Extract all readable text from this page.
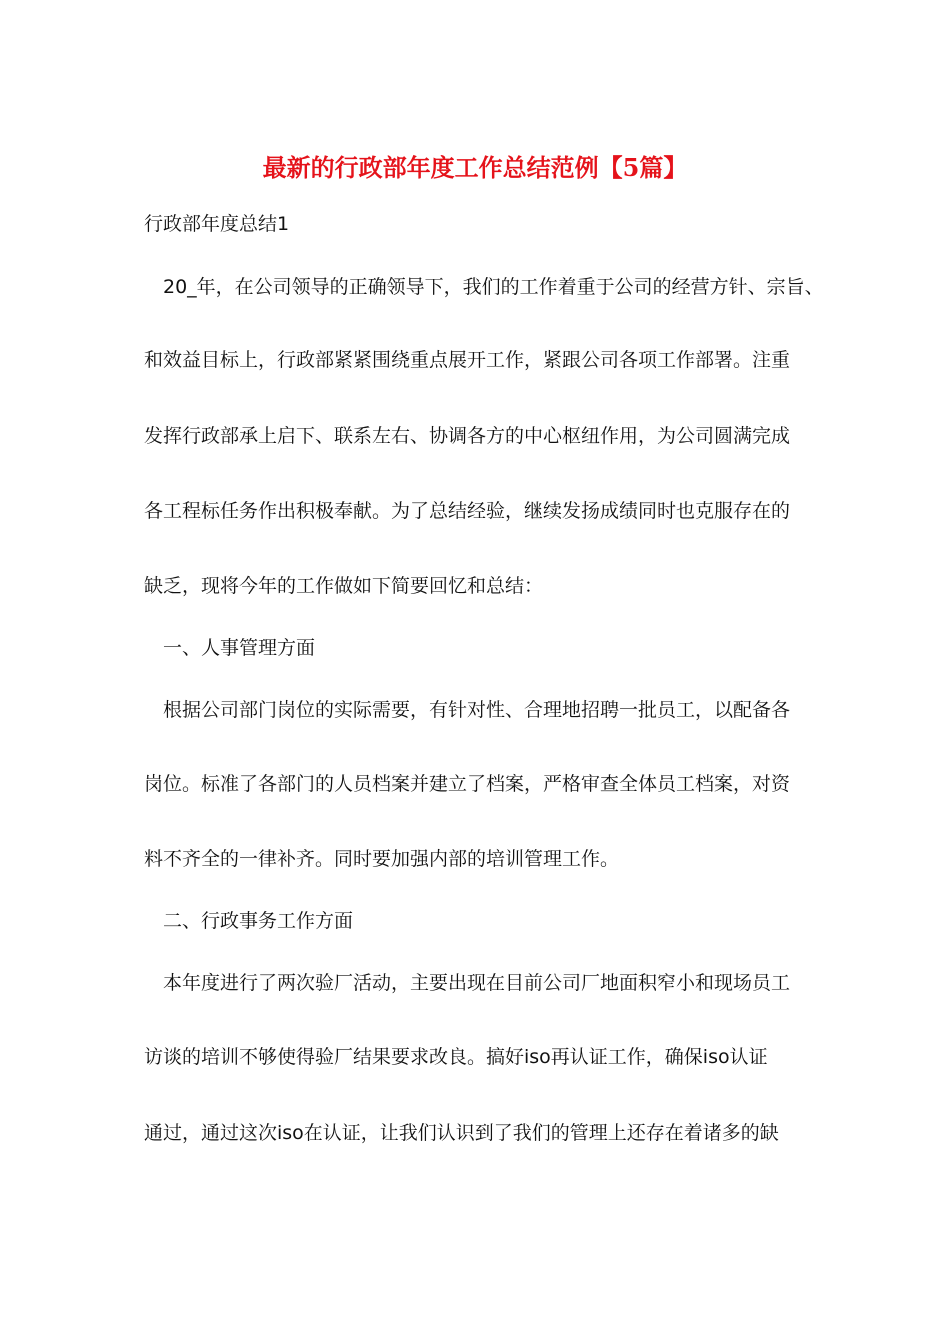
最新的行政部年度工作总结范例【5篇】
行政部年度总结1
20_年，在公司领导的正确领导下，我们的工作着重于公司的经营方针、宗旨、
和效益目标上，行政部紧紧围绕重点展开工作，紧跟公司各项工作部署。注重
发挥行政部承上启下、联系左右、协调各方的中心枢纽作用，为公司圆满完成
各工程标任务作出积极奉献。为了总结经验，继续发扬成绩同时也克服存在的
缺乏，现将今年的工作做如下简要回忆和总结：
一、人事管理方面
根据公司部门岗位的实际需要，有针对性、合理地招聘一批员工，以配备各
岗位。标准了各部门的人员档案并建立了档案，严格审查全体员工档案，对资
料不齐全的一律补齐。同时要加强内部的培训管理工作。
二、行政事务工作方面
本年度进行了两次验厂活动，主要出现在目前公司厂地面积窄小和现场员工
访谈的培训不够使得验厂结果要求改良。搞好iso再认证工作，确保iso认证
通过，通过这次iso在认证，让我们认识到了我们的管理上还存在着诸多的缺
